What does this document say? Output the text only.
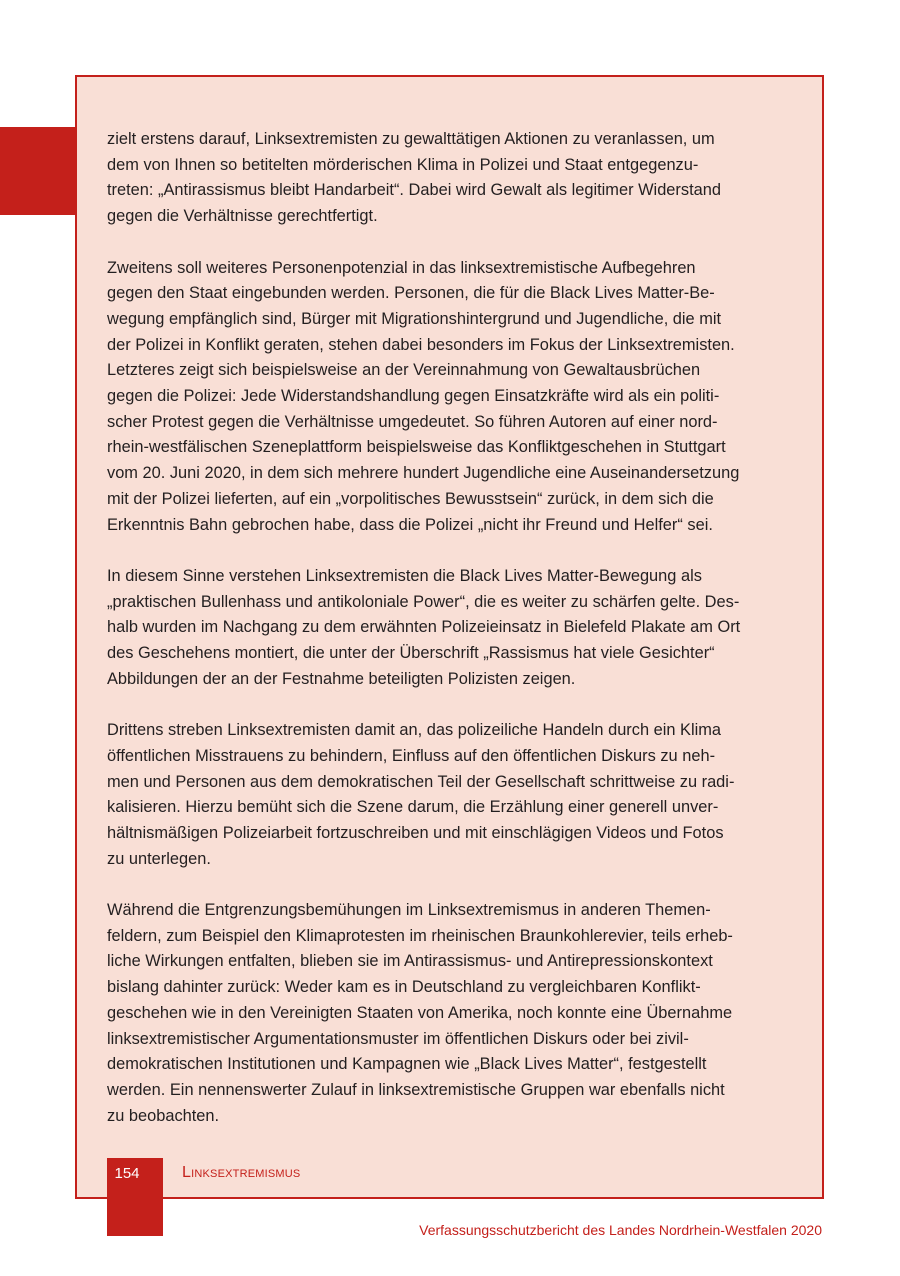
zielt erstens darauf, Linksextremisten zu gewalttätigen Aktionen zu veranlassen, um
dem von Ihnen so betitelten mörderischen Klima in Polizei und Staat entgegenzu-
treten: „Antirassismus bleibt Handarbeit“. Dabei wird Gewalt als legitimer Widerstand
gegen die Verhältnisse gerechtfertigt.

Zweitens soll weiteres Personenpotenzial in das linksextremistische Aufbegehren
gegen den Staat eingebunden werden. Personen, die für die Black Lives Matter-Be-
wegung empfänglich sind, Bürger mit Migrationshintergrund und Jugendliche, die mit
der Polizei in Konflikt geraten, stehen dabei besonders im Fokus der Linksextremisten.
Letzteres zeigt sich beispielsweise an der Vereinnahmung von Gewaltausbrüchen
gegen die Polizei: Jede Widerstandshandlung gegen Einsatzkräfte wird als ein politi-
scher Protest gegen die Verhältnisse umgedeutet. So führen Autoren auf einer nord-
rhein-westfälischen Szeneplattform beispielsweise das Konfliktgeschehen in Stuttgart
vom 20. Juni 2020, in dem sich mehrere hundert Jugendliche eine Auseinandersetzung
mit der Polizei lieferten, auf ein „vorpolitisches Bewusstsein“ zurück, in dem sich die
Erkenntnis Bahn gebrochen habe, dass die Polizei „nicht ihr Freund und Helfer“ sei.

In diesem Sinne verstehen Linksextremisten die Black Lives Matter-Bewegung als
„praktischen Bullenhass und antikoloniale Power“, die es weiter zu schärfen gelte. Des-
halb wurden im Nachgang zu dem erwähnten Polizeieinsatz in Bielefeld Plakate am Ort
des Geschehens montiert, die unter der Überschrift „Rassismus hat viele Gesichter“
Abbildungen der an der Festnahme beteiligten Polizisten zeigen.

Drittens streben Linksextremisten damit an, das polizeiliche Handeln durch ein Klima
öffentlichen Misstrauens zu behindern, Einfluss auf den öffentlichen Diskurs zu neh-
men und Personen aus dem demokratischen Teil der Gesellschaft schrittweise zu radi-
kalisieren. Hierzu bemüht sich die Szene darum, die Erzählung einer generell unver-
hältnismäßigen Polizeiarbeit fortzuschreiben und mit einschlägigen Videos und Fotos
zu unterlegen.

Während die Entgrenzungsbemühungen im Linksextremismus in anderen Themen-
feldern, zum Beispiel den Klimaprotesten im rheinischen Braunkohlerevier, teils erheb-
liche Wirkungen entfalten, blieben sie im Antirassismus- und Antirepressionskontext
bislang dahinter zurück: Weder kam es in Deutschland zu vergleichbaren Konflikt-
geschehen wie in den Vereinigten Staaten von Amerika, noch konnte eine Übernahme
linksextremistischer Argumentationsmuster im öffentlichen Diskurs oder bei zivil-
demokratischen Institutionen und Kampagnen wie „Black Lives Matter“, festgestellt
werden. Ein nennenswerter Zulauf in linksextremistische Gruppen war ebenfalls nicht
zu beobachten.

154	Linksextremismus
Verfassungsschutzbericht des Landes Nordrhein-Westfalen 2020
